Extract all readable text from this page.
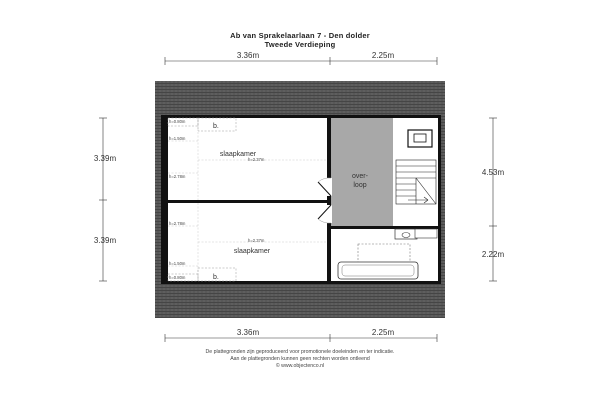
Ab van Sprakelaarlaan 7 - Den dolder
Tweede Verdieping
3.36m	2.25m
3.36m	2.25m
3.39m
3.39m
4.53m
2.22m
slaapkamer
slaapkamer
over-
loop
b.
b.
h=0.80m
h=1.50m
h=2.78m
h=2.37m
h=2.78m
h=2.37m
h=1.50m
h=0.80m
De plattegronden zijn geproduceerd voor promotionele doeleinden en ter indicatie.
Aan de plattegronden kunnen geen rechten worden ontleend
© www.objectenco.nl
